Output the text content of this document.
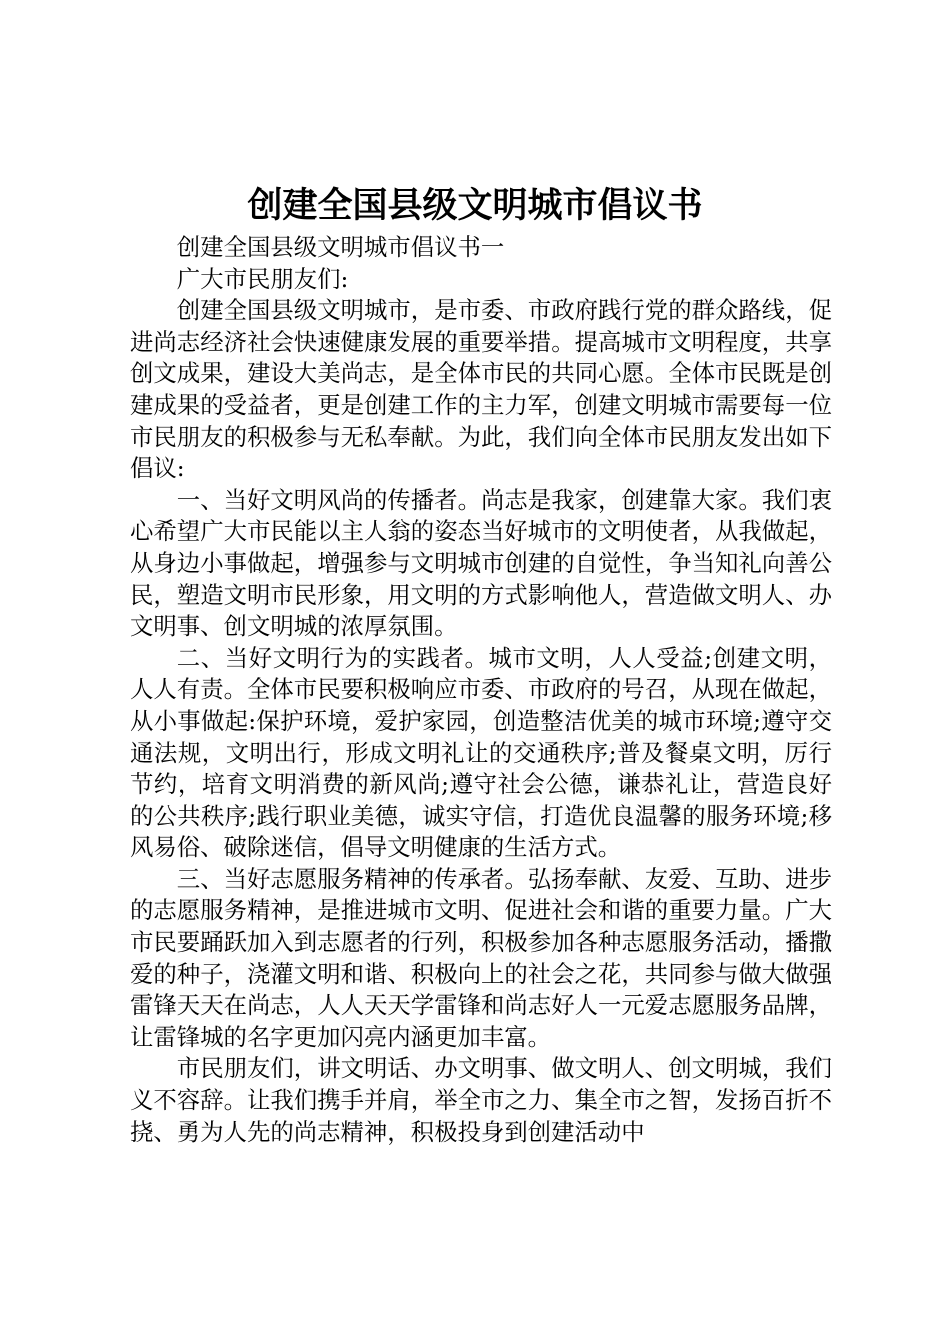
创建全国县级文明城市倡议书

创建全国县级文明城市倡议书一

广大市民朋友们:

创建全国县级文明城市，是市委、市政府践行党的群众路线，促进尚志经济社会快速健康发展的重要举措。提高城市文明程度，共享创文成果，建设大美尚志，是全体市民的共同心愿。全体市民既是创建成果的受益者，更是创建工作的主力军，创建文明城市需要每一位市民朋友的积极参与无私奉献。为此，我们向全体市民朋友发出如下倡议:

一、当好文明风尚的传播者。尚志是我家，创建靠大家。我们衷心希望广大市民能以主人翁的姿态当好城市的文明使者，从我做起，从身边小事做起，增强参与文明城市创建的自觉性，争当知礼向善公民，塑造文明市民形象，用文明的方式影响他人，营造做文明人、办文明事、创文明城的浓厚氛围。

二、当好文明行为的实践者。城市文明，人人受益;创建文明，人人有责。全体市民要积极响应市委、市政府的号召，从现在做起，从小事做起:保护环境，爱护家园，创造整洁优美的城市环境;遵守交通法规，文明出行，形成文明礼让的交通秩序;普及餐桌文明，厉行节约，培育文明消费的新风尚;遵守社会公德，谦恭礼让，营造良好的公共秩序;践行职业美德，诚实守信，打造优良温馨的服务环境;移风易俗、破除迷信，倡导文明健康的生活方式。

三、当好志愿服务精神的传承者。弘扬奉献、友爱、互助、进步的志愿服务精神，是推进城市文明、促进社会和谐的重要力量。广大市民要踊跃加入到志愿者的行列，积极参加各种志愿服务活动，播撒爱的种子，浇灌文明和谐、积极向上的社会之花，共同参与做大做强雷锋天天在尚志，人人天天学雷锋和尚志好人一元爱志愿服务品牌，让雷锋城的名字更加闪亮内涵更加丰富。

市民朋友们，讲文明话、办文明事、做文明人、创文明城，我们义不容辞。让我们携手并肩，举全市之力、集全市之智，发扬百折不挠、勇为人先的尚志精神，积极投身到创建活动中
